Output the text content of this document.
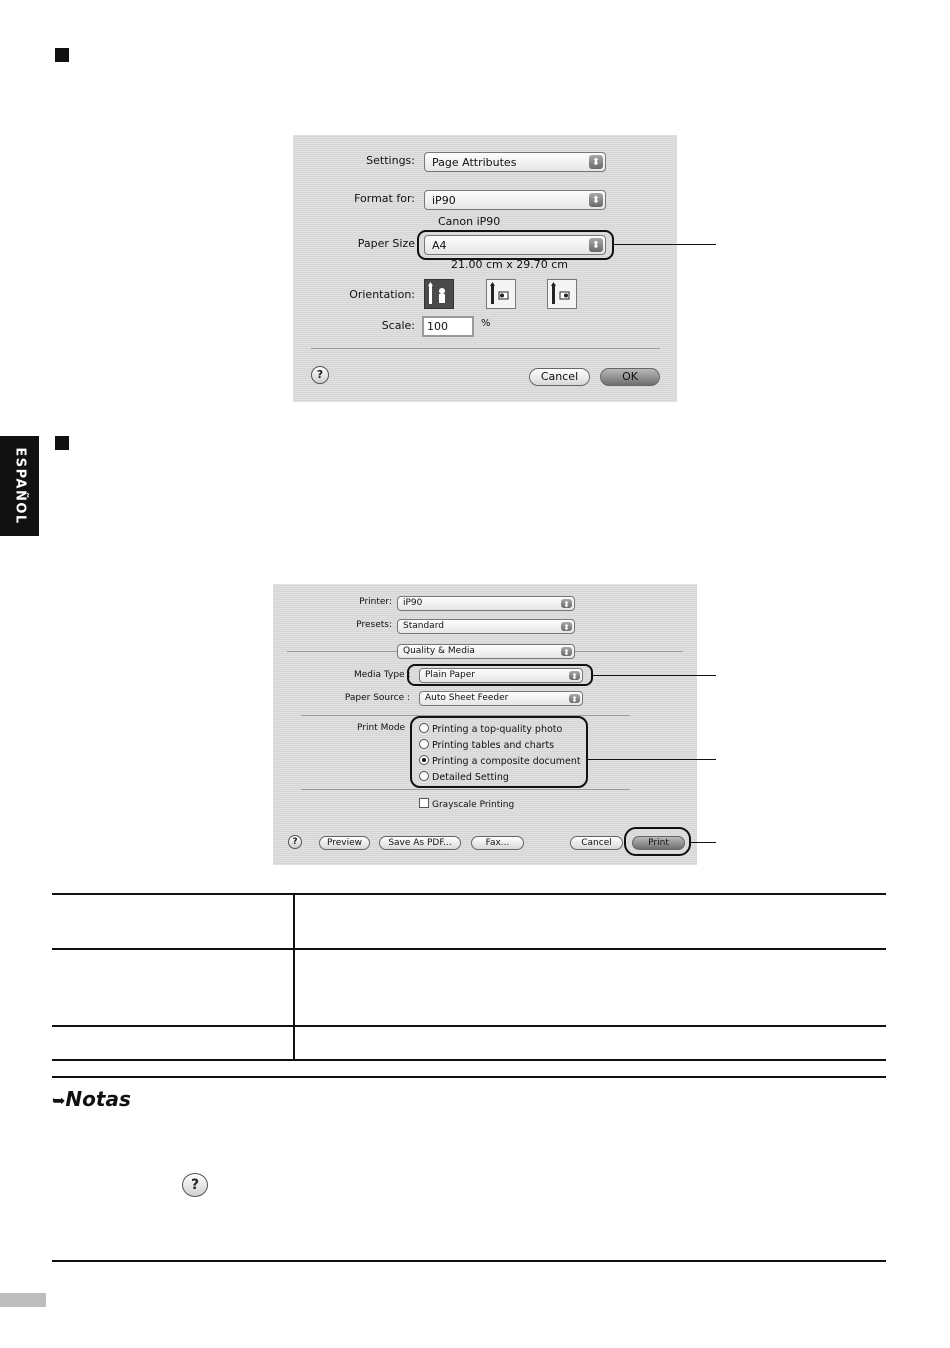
ESPAÑOL
Settings:	Page Attributes	⬍
Format for:	iP90	⬍
Canon iP90
Paper Size	A4	⬍
21.00 cm x 29.70 cm
Orientation:
Scale:	100	%
?	Cancel	OK
Printer:	iP90	⬍
Presets:	Standard	⬍
Quality & Media	⬍
Media Type :	Plain Paper	⬍
Paper Source :	Auto Sheet Feeder	⬍
Print Mode	Printing a top-quality photo
Printing tables and charts
Printing a composite document
Detailed Setting
Grayscale Printing
?	Preview	Save As PDF...	Fax...	Cancel	Print
➥Notas
?
